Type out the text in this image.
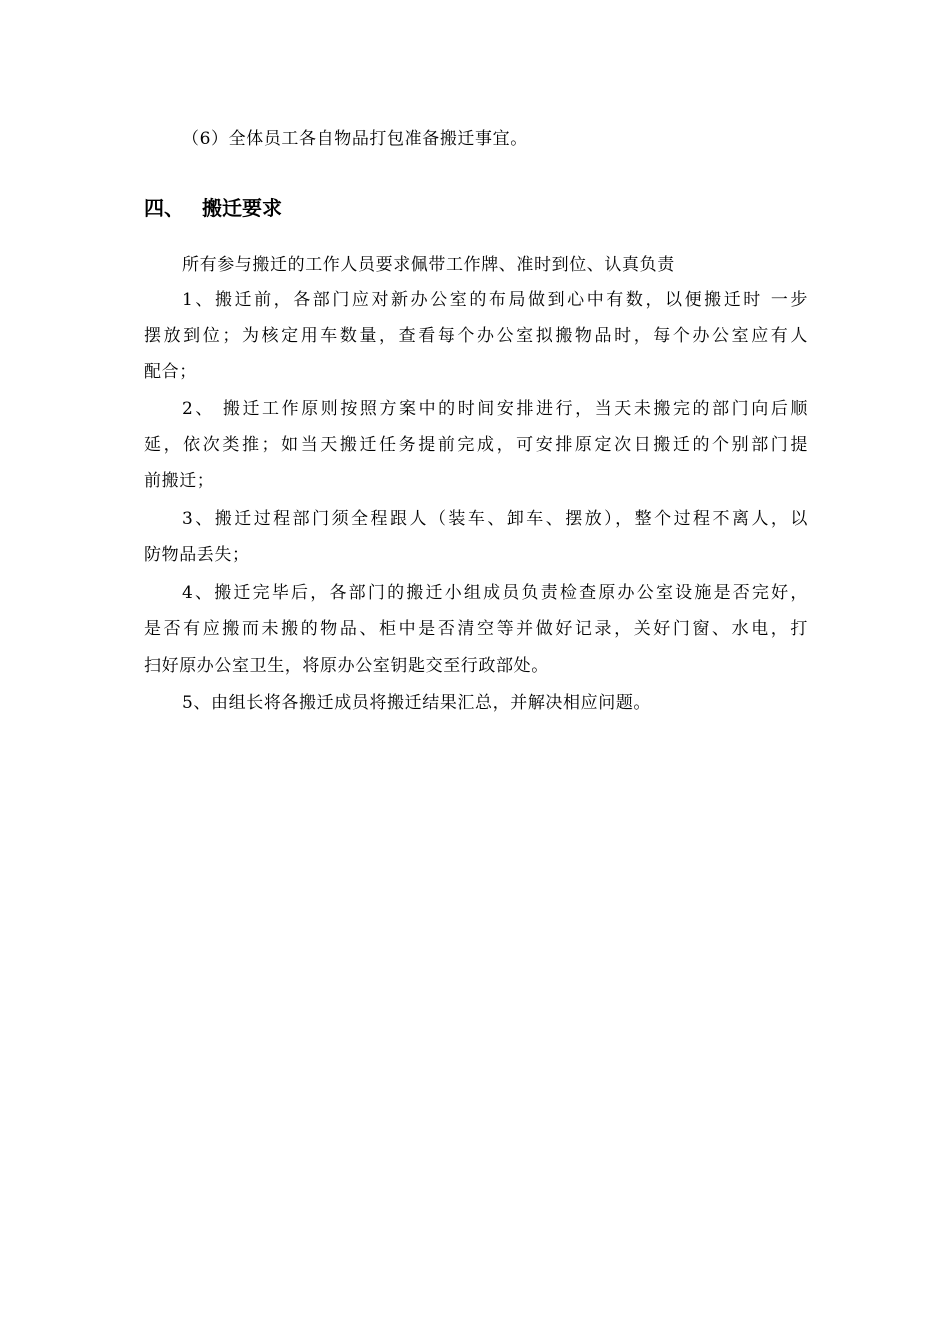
（6）全体员工各自物品打包准备搬迁事宜。
四、 搬迁要求
所有参与搬迁的工作人员要求佩带工作牌、准时到位、认真负责
1、搬迁前，各部门应对新办公室的布局做到心中有数，以便搬迁时 一步
摆放到位；为核定用车数量，查看每个办公室拟搬物品时，每个办公室应有人
配合；
2、 搬迁工作原则按照方案中的时间安排进行，当天未搬完的部门向后顺
延，依次类推；如当天搬迁任务提前完成，可安排原定次日搬迁的个别部门提
前搬迁；
3、搬迁过程部门须全程跟人（装车、卸车、摆放），整个过程不离人，以
防物品丢失；
4、搬迁完毕后，各部门的搬迁小组成员负责检查原办公室设施是否完好，
是否有应搬而未搬的物品、柜中是否清空等并做好记录，关好门窗、水电，打
扫好原办公室卫生，将原办公室钥匙交至行政部处。
5、由组长将各搬迁成员将搬迁结果汇总，并解决相应问题。
